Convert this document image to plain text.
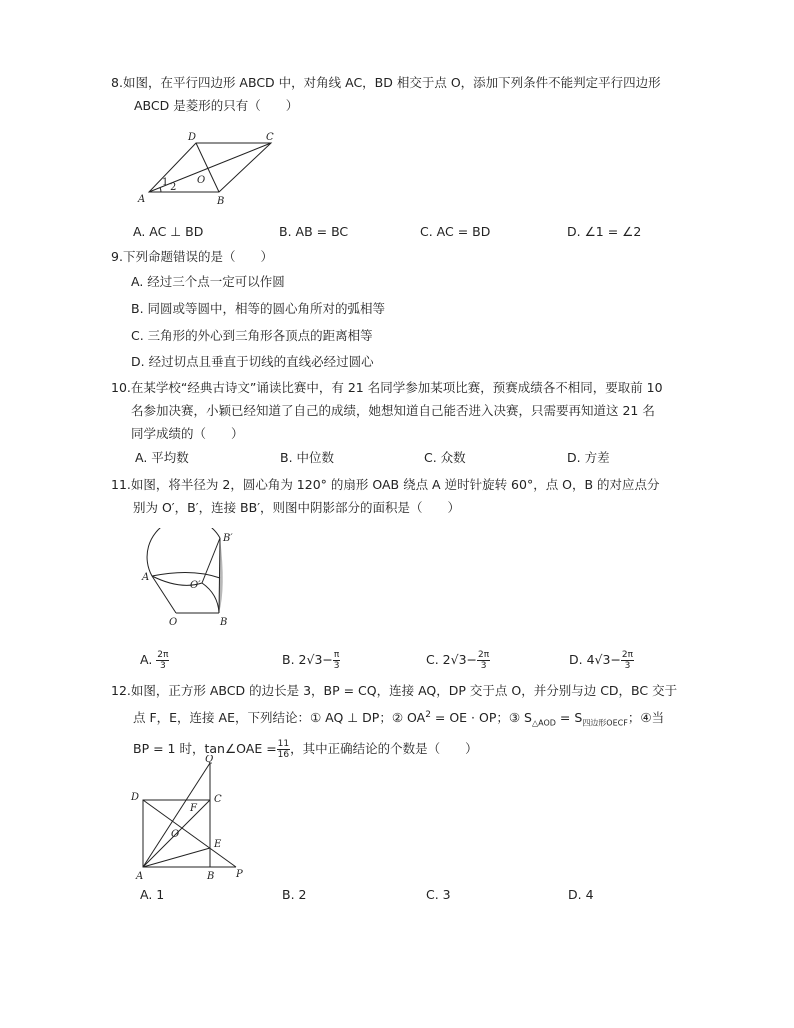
8.如图，在平行四边形 ABCD 中，对角线 AC，BD 相交于点 O，添加下列条件不能判定平行四边形
ABCD 是菱形的只有（　　）
A	B
C
D
O
1 2
A. AC ⊥ BD	B. AB = BC	C. AC = BD	D. ∠1 = ∠2
9.下列命题错误的是（　　）
A. 经过三个点一定可以作圆
B. 同圆或等圆中，相等的圆心角所对的弧相等
C. 三角形的外心到三角形各顶点的距离相等
D. 经过切点且垂直于切线的直线必经过圆心
10.在某学校“经典古诗文”诵读比赛中，有 21 名同学参加某项比赛，预赛成绩各不相同，要取前 10
名参加决赛，小颖已经知道了自己的成绩，她想知道自己能否进入决赛，只需要再知道这 21 名
同学成绩的（　　）
A. 平均数	B. 中位数	C. 众数	D. 方差
11.如图，将半径为 2，圆心角为 120° 的扇形 OAB 绕点 A 逆时针旋转 60°，点 O，B 的对应点分
别为 O′，B′，连接 BB′，则图中阴影部分的面积是（　　）
A
O	B
B′
O′
A. $\frac{2\pi}{3}$	B. $2√3- \frac{\pi}{3}$	C. $2√3- \frac{2\pi}{3}$	D. $4√3- \frac{2\pi}{3}$
12.如图，正方形 ABCD 的边长是 3，BP = CQ，连接 AQ，DP 交于点 O，并分别与边 CD，BC 交于
点 F，E，连接 AE，下列结论：① AQ ⊥ DP；② $OA^2$ = OE · OP；③ $S_{\triangle AOD} = S_{四边形OECF}$；④当
BP = 1 时，tan∠OAE = $\frac{11}{16}$ ，其中正确结论的个数是（　　）
Q
D	C
F
O
E
A	B P
A. 1	B. 2	C. 3	D. 4
